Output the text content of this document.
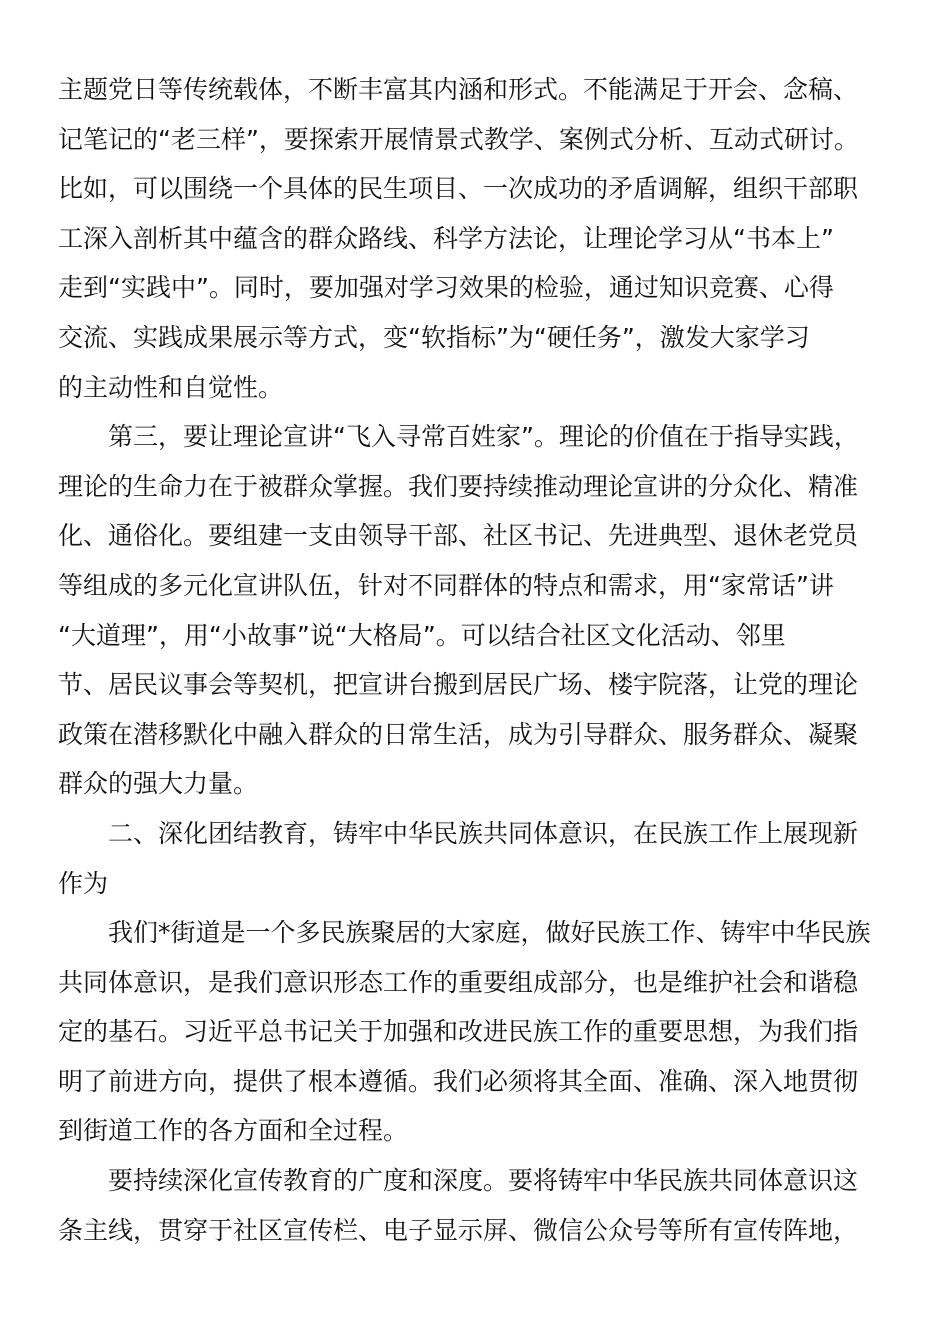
主题党日等传统载体，不断丰富其内涵和形式。不能满足于开会、念稿、
记笔记的“老三样”，要探索开展情景式教学、案例式分析、互动式研讨。
比如，可以围绕一个具体的民生项目、一次成功的矛盾调解，组织干部职
工深入剖析其中蕴含的群众路线、科学方法论，让理论学习从“书本上”
走到“实践中”。同时，要加强对学习效果的检验，通过知识竞赛、心得
交流、实践成果展示等方式，变“软指标”为“硬任务”，激发大家学习
的主动性和自觉性。
第三，要让理论宣讲“飞入寻常百姓家”。理论的价值在于指导实践，
理论的生命力在于被群众掌握。我们要持续推动理论宣讲的分众化、精准
化、通俗化。要组建一支由领导干部、社区书记、先进典型、退休老党员
等组成的多元化宣讲队伍，针对不同群体的特点和需求，用“家常话”讲
“大道理”，用“小故事”说“大格局”。可以结合社区文化活动、邻里
节、居民议事会等契机，把宣讲台搬到居民广场、楼宇院落，让党的理论
政策在潜移默化中融入群众的日常生活，成为引导群众、服务群众、凝聚
群众的强大力量。
二、深化团结教育，铸牢中华民族共同体意识，在民族工作上展现新
作为
我们*街道是一个多民族聚居的大家庭，做好民族工作、铸牢中华民族
共同体意识，是我们意识形态工作的重要组成部分，也是维护社会和谐稳
定的基石。习近平总书记关于加强和改进民族工作的重要思想，为我们指
明了前进方向，提供了根本遵循。我们必须将其全面、准确、深入地贯彻
到街道工作的各方面和全过程。
要持续深化宣传教育的广度和深度。要将铸牢中华民族共同体意识这
条主线，贯穿于社区宣传栏、电子显示屏、微信公众号等所有宣传阵地，
